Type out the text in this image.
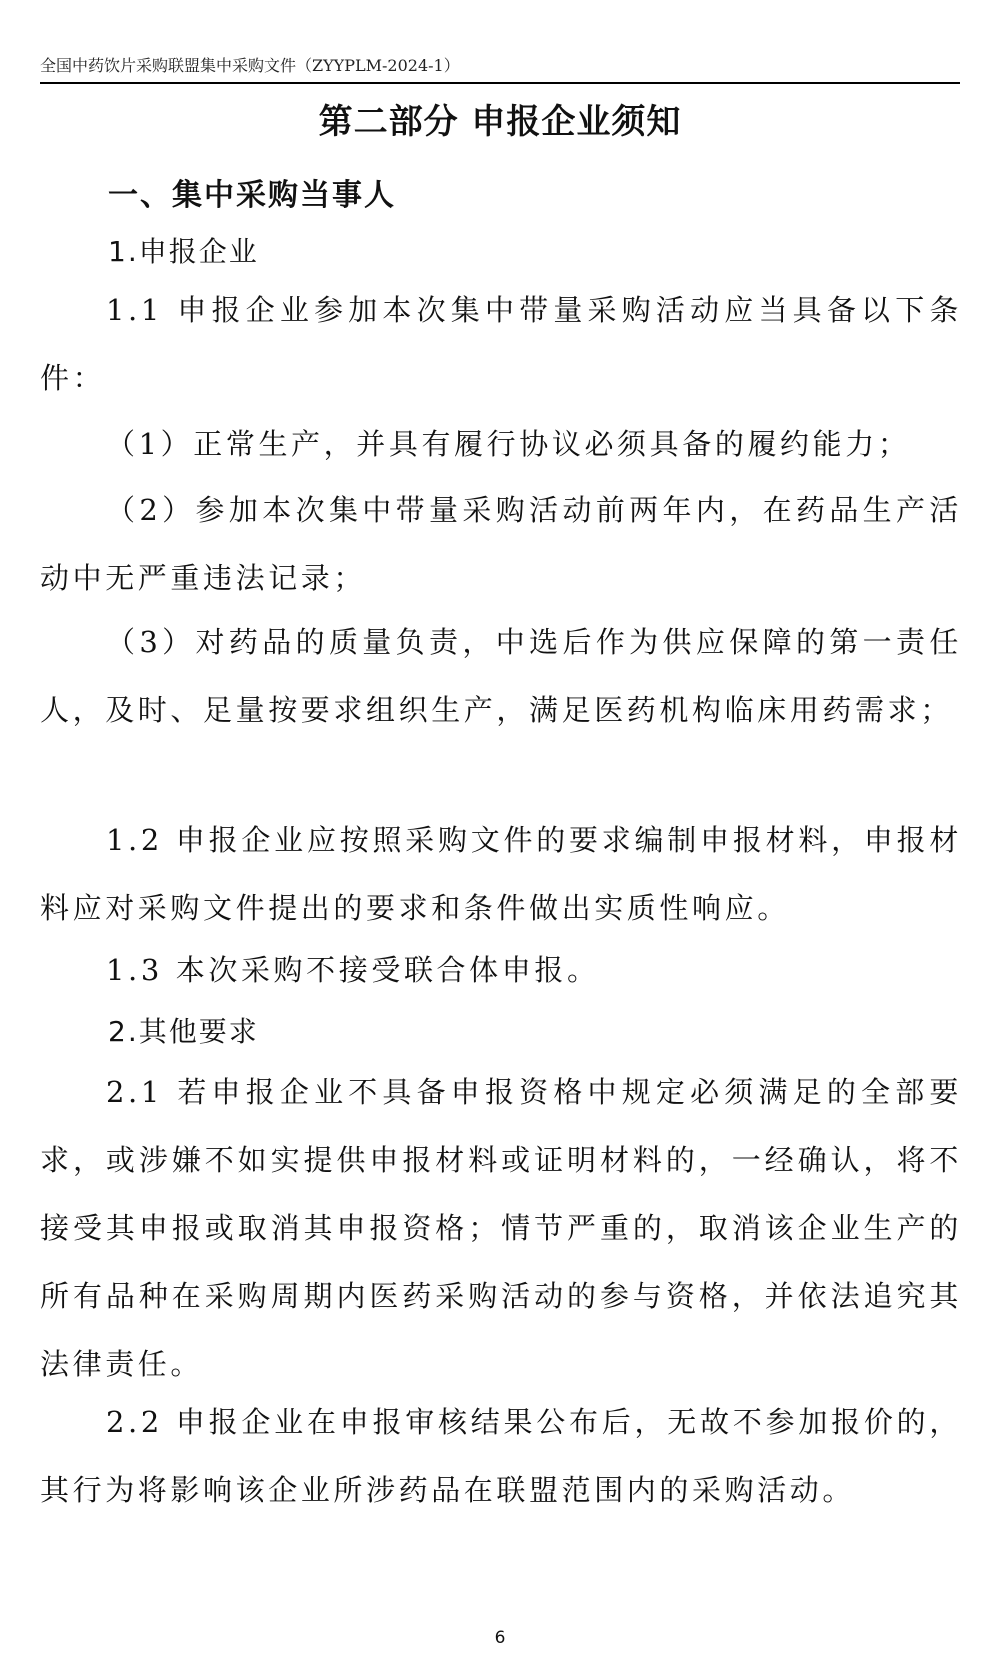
全国中药饮片采购联盟集中采购文件（ZYYPLM-2024-1）
第二部分 申报企业须知
一、集中采购当事人
1.申报企业

1.1 申报企业参加本次集中带量采购活动应当具备以下条件：

（1）正常生产，并具有履行协议必须具备的履约能力；

（2）参加本次集中带量采购活动前两年内，在药品生产活动中无严重违法记录；

（3）对药品的质量负责，中选后作为供应保障的第一责任人，及时、足量按要求组织生产，满足医药机构临床用药需求；

1.2 申报企业应按照采购文件的要求编制申报材料，申报材料应对采购文件提出的要求和条件做出实质性响应。

1.3 本次采购不接受联合体申报。

2.其他要求

2.1 若申报企业不具备申报资格中规定必须满足的全部要求，或涉嫌不如实提供申报材料或证明材料的，一经确认，将不接受其申报或取消其申报资格；情节严重的，取消该企业生产的所有品种在采购周期内医药采购活动的参与资格，并依法追究其法律责任。

2.2 申报企业在申报审核结果公布后，无故不参加报价的，其行为将影响该企业所涉药品在联盟范围内的采购活动。

6
